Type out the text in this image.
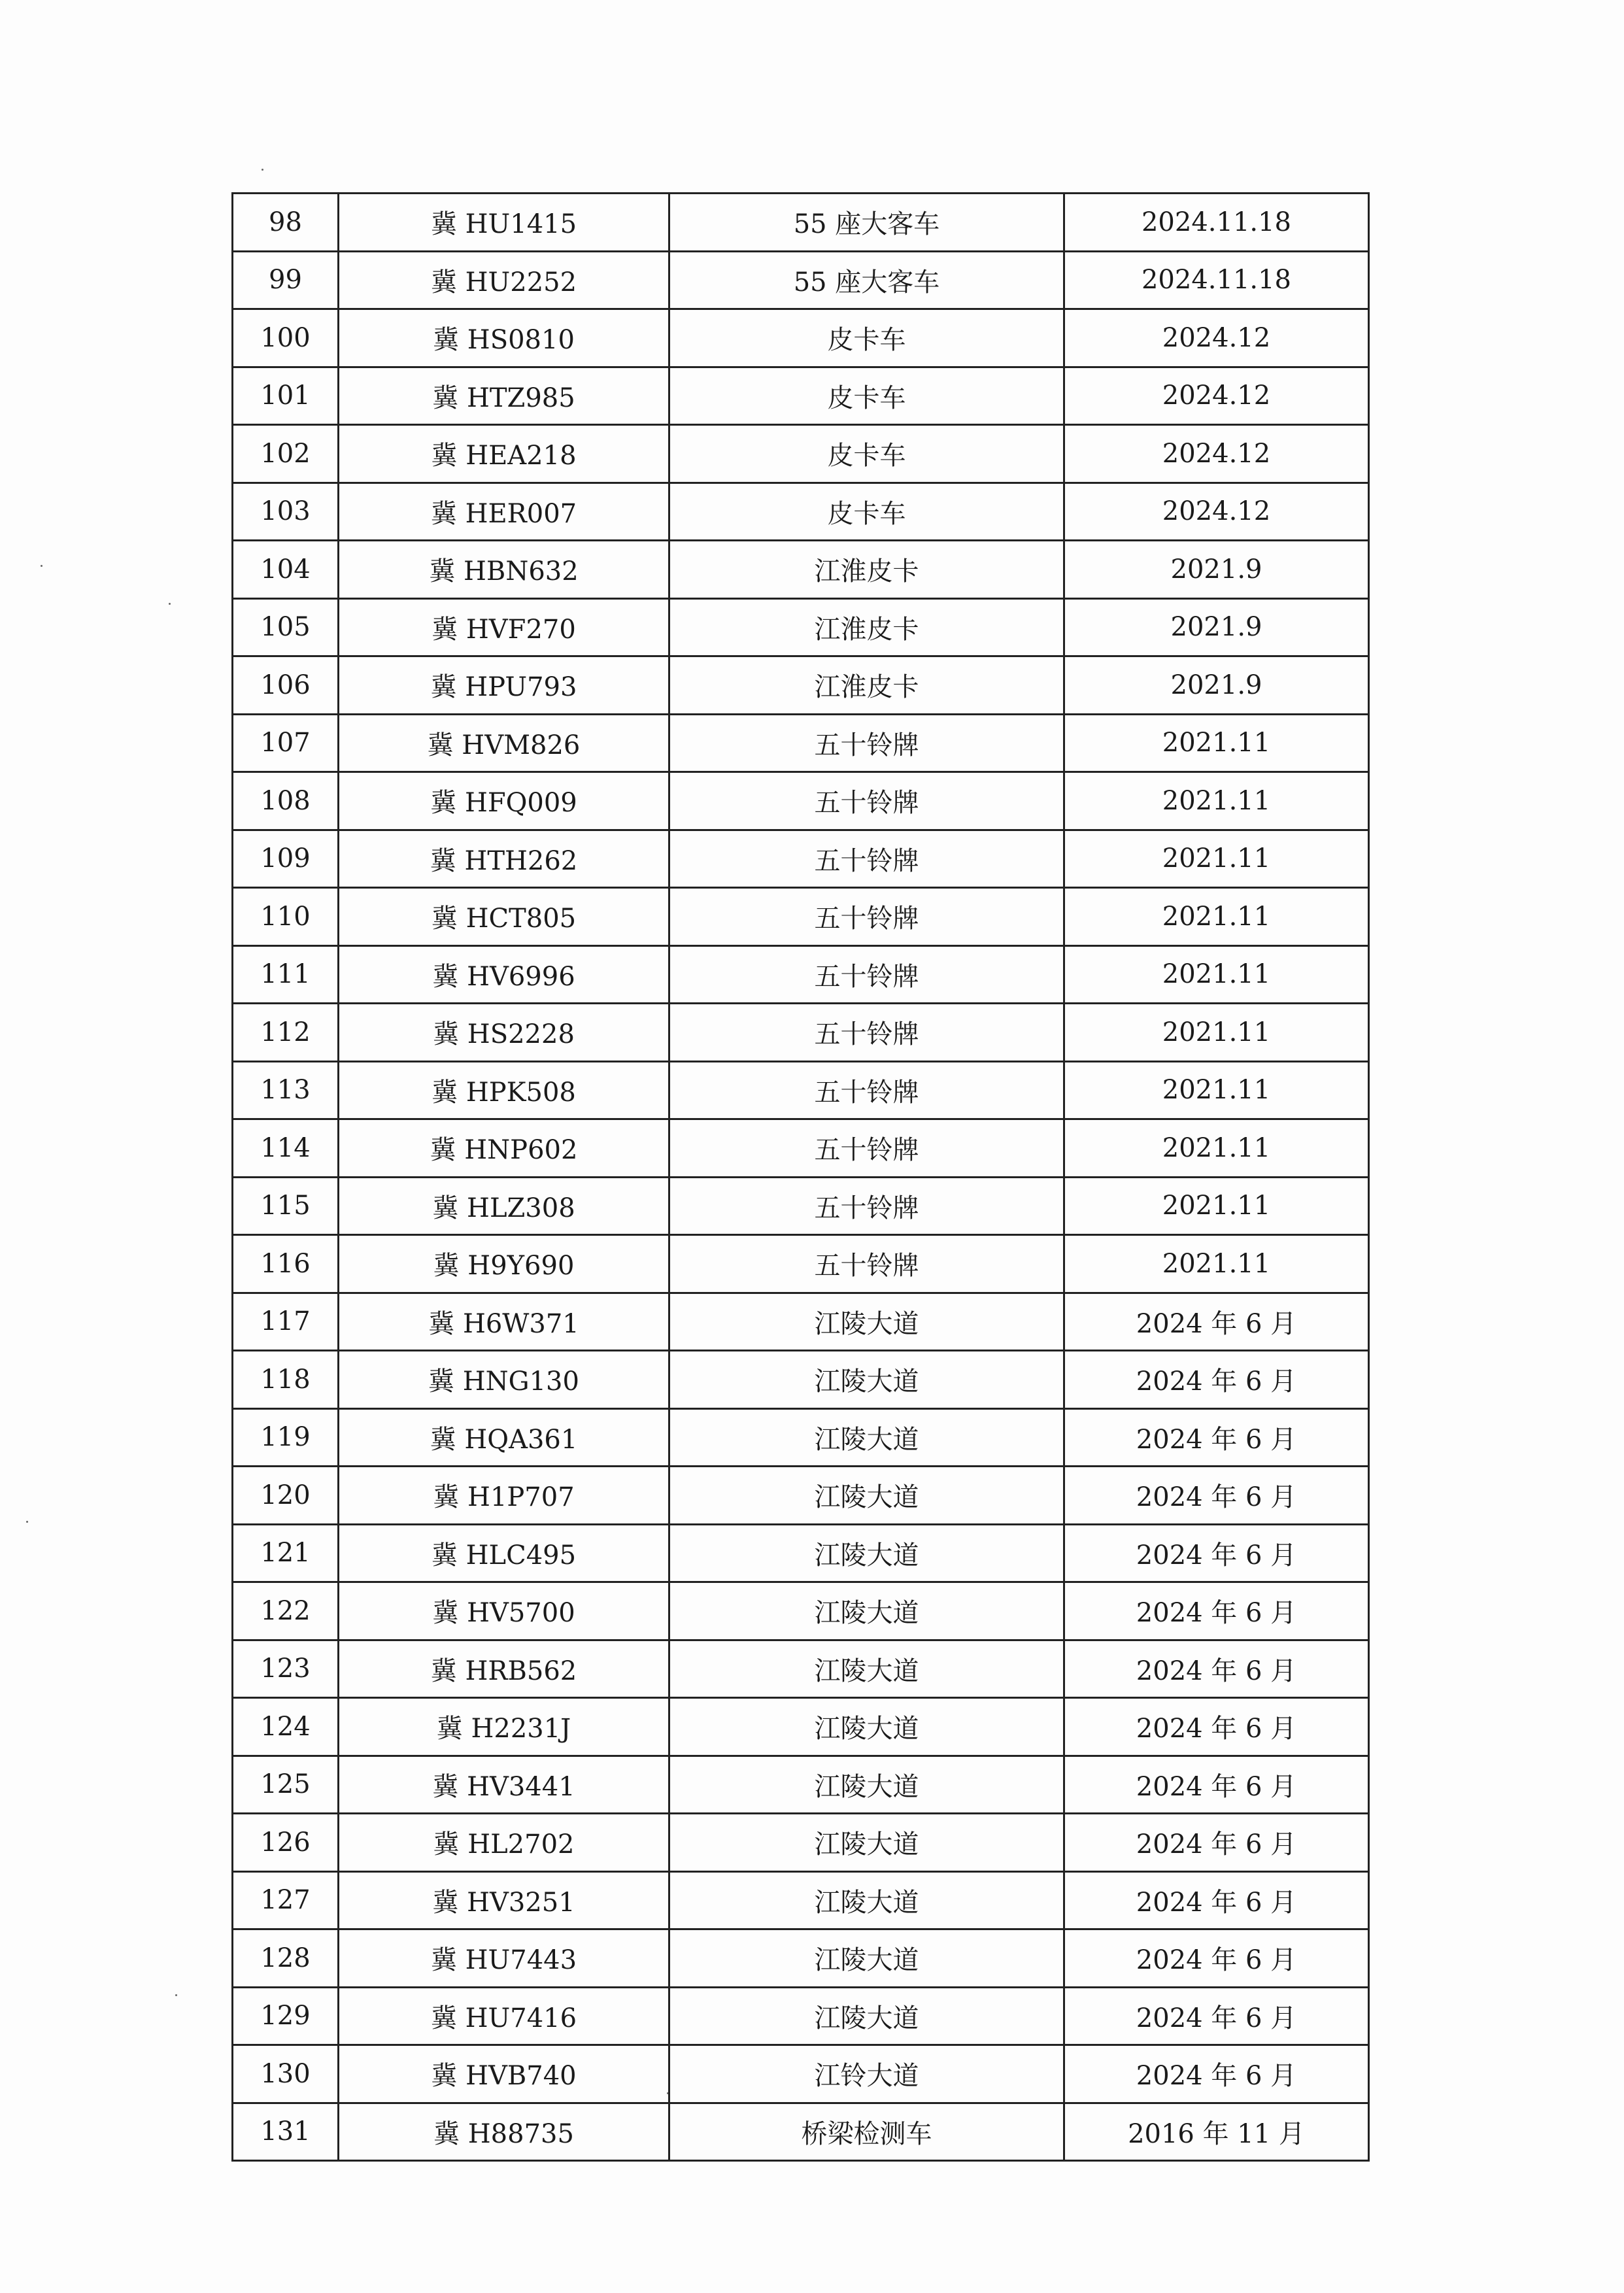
98	冀 HU1415	55 座大客车	2024.11.18
99	冀 HU2252	55 座大客车	2024.11.18
100	冀 HS0810	皮卡车	2024.12
101	冀 HTZ985	皮卡车	2024.12
102	冀 HEA218	皮卡车	2024.12
103	冀 HER007	皮卡车	2024.12
104	冀 HBN632	江淮皮卡	2021.9
105	冀 HVF270	江淮皮卡	2021.9
106	冀 HPU793	江淮皮卡	2021.9
107	冀 HVM826	五十铃牌	2021.11
108	冀 HFQ009	五十铃牌	2021.11
109	冀 HTH262	五十铃牌	2021.11
110	冀 HCT805	五十铃牌	2021.11
111	冀 HV6996	五十铃牌	2021.11
112	冀 HS2228	五十铃牌	2021.11
113	冀 HPK508	五十铃牌	2021.11
114	冀 HNP602	五十铃牌	2021.11
115	冀 HLZ308	五十铃牌	2021.11
116	冀 H9Y690	五十铃牌	2021.11
117	冀 H6W371	江陵大道	2024 年 6 月
118	冀 HNG130	江陵大道	2024 年 6 月
119	冀 HQA361	江陵大道	2024 年 6 月
120	冀 H1P707	江陵大道	2024 年 6 月
121	冀 HLC495	江陵大道	2024 年 6 月
122	冀 HV5700	江陵大道	2024 年 6 月
123	冀 HRB562	江陵大道	2024 年 6 月
124	冀 H2231J	江陵大道	2024 年 6 月
125	冀 HV3441	江陵大道	2024 年 6 月
126	冀 HL2702	江陵大道	2024 年 6 月
127	冀 HV3251	江陵大道	2024 年 6 月
128	冀 HU7443	江陵大道	2024 年 6 月
129	冀 HU7416	江陵大道	2024 年 6 月
130	冀 HVB740	江铃大道	2024 年 6 月
131	冀 H88735	桥梁检测车	2016 年 11 月
